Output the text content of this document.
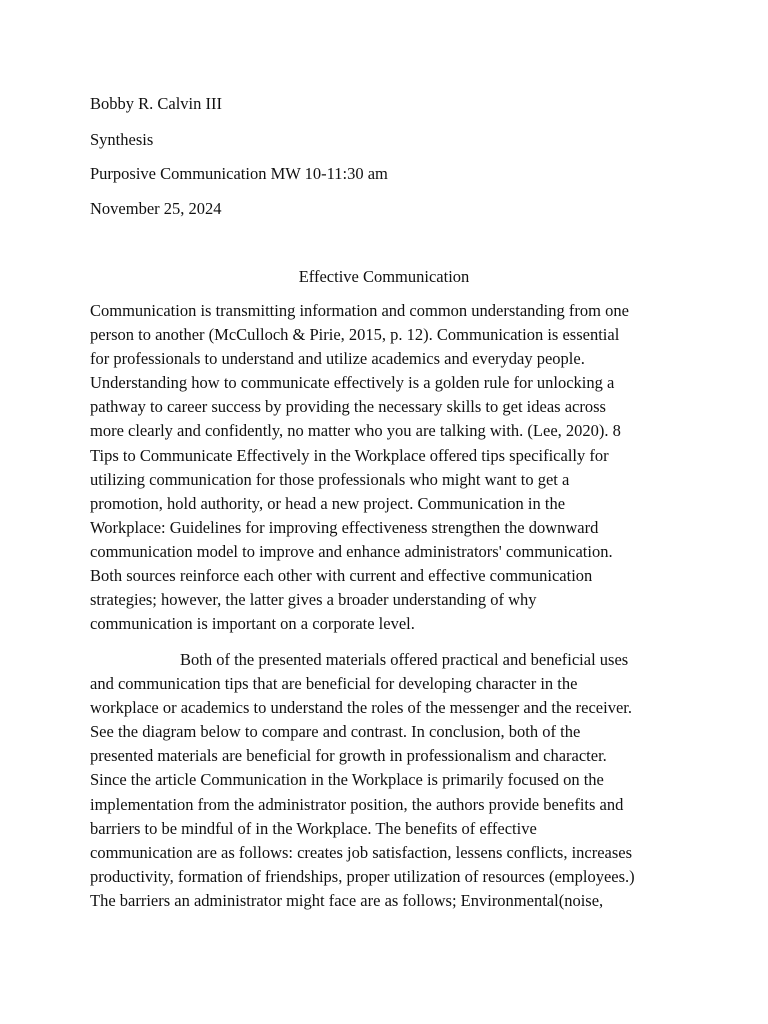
Bobby R. Calvin III
Synthesis
Purposive Communication MW 10-11:30 am
November 25, 2024
Effective Communication
Communication is transmitting information and common understanding from one
person to another (McCulloch & Pirie, 2015, p. 12). Communication is essential
for professionals to understand and utilize academics and everyday people.
Understanding how to communicate effectively is a golden rule for unlocking a
pathway to career success by providing the necessary skills to get ideas across
more clearly and confidently, no matter who you are talking with. (Lee, 2020). 8
Tips to Communicate Effectively in the Workplace offered tips specifically for
utilizing communication for those professionals who might want to get a
promotion, hold authority, or head a new project. Communication in the
Workplace: Guidelines for improving effectiveness strengthen the downward
communication model to improve and enhance administrators' communication.
Both sources reinforce each other with current and effective communication
strategies; however, the latter gives a broader understanding of why
communication is important on a corporate level.
Both of the presented materials offered practical and beneficial uses
and communication tips that are beneficial for developing character in the
workplace or academics to understand the roles of the messenger and the receiver.
See the diagram below to compare and contrast. In conclusion, both of the
presented materials are beneficial for growth in professionalism and character.
Since the article Communication in the Workplace is primarily focused on the
implementation from the administrator position, the authors provide benefits and
barriers to be mindful of in the Workplace. The benefits of effective
communication are as follows: creates job satisfaction, lessens conflicts, increases
productivity, formation of friendships, proper utilization of resources (employees.)
The barriers an administrator might face are as follows; Environmental(noise,
